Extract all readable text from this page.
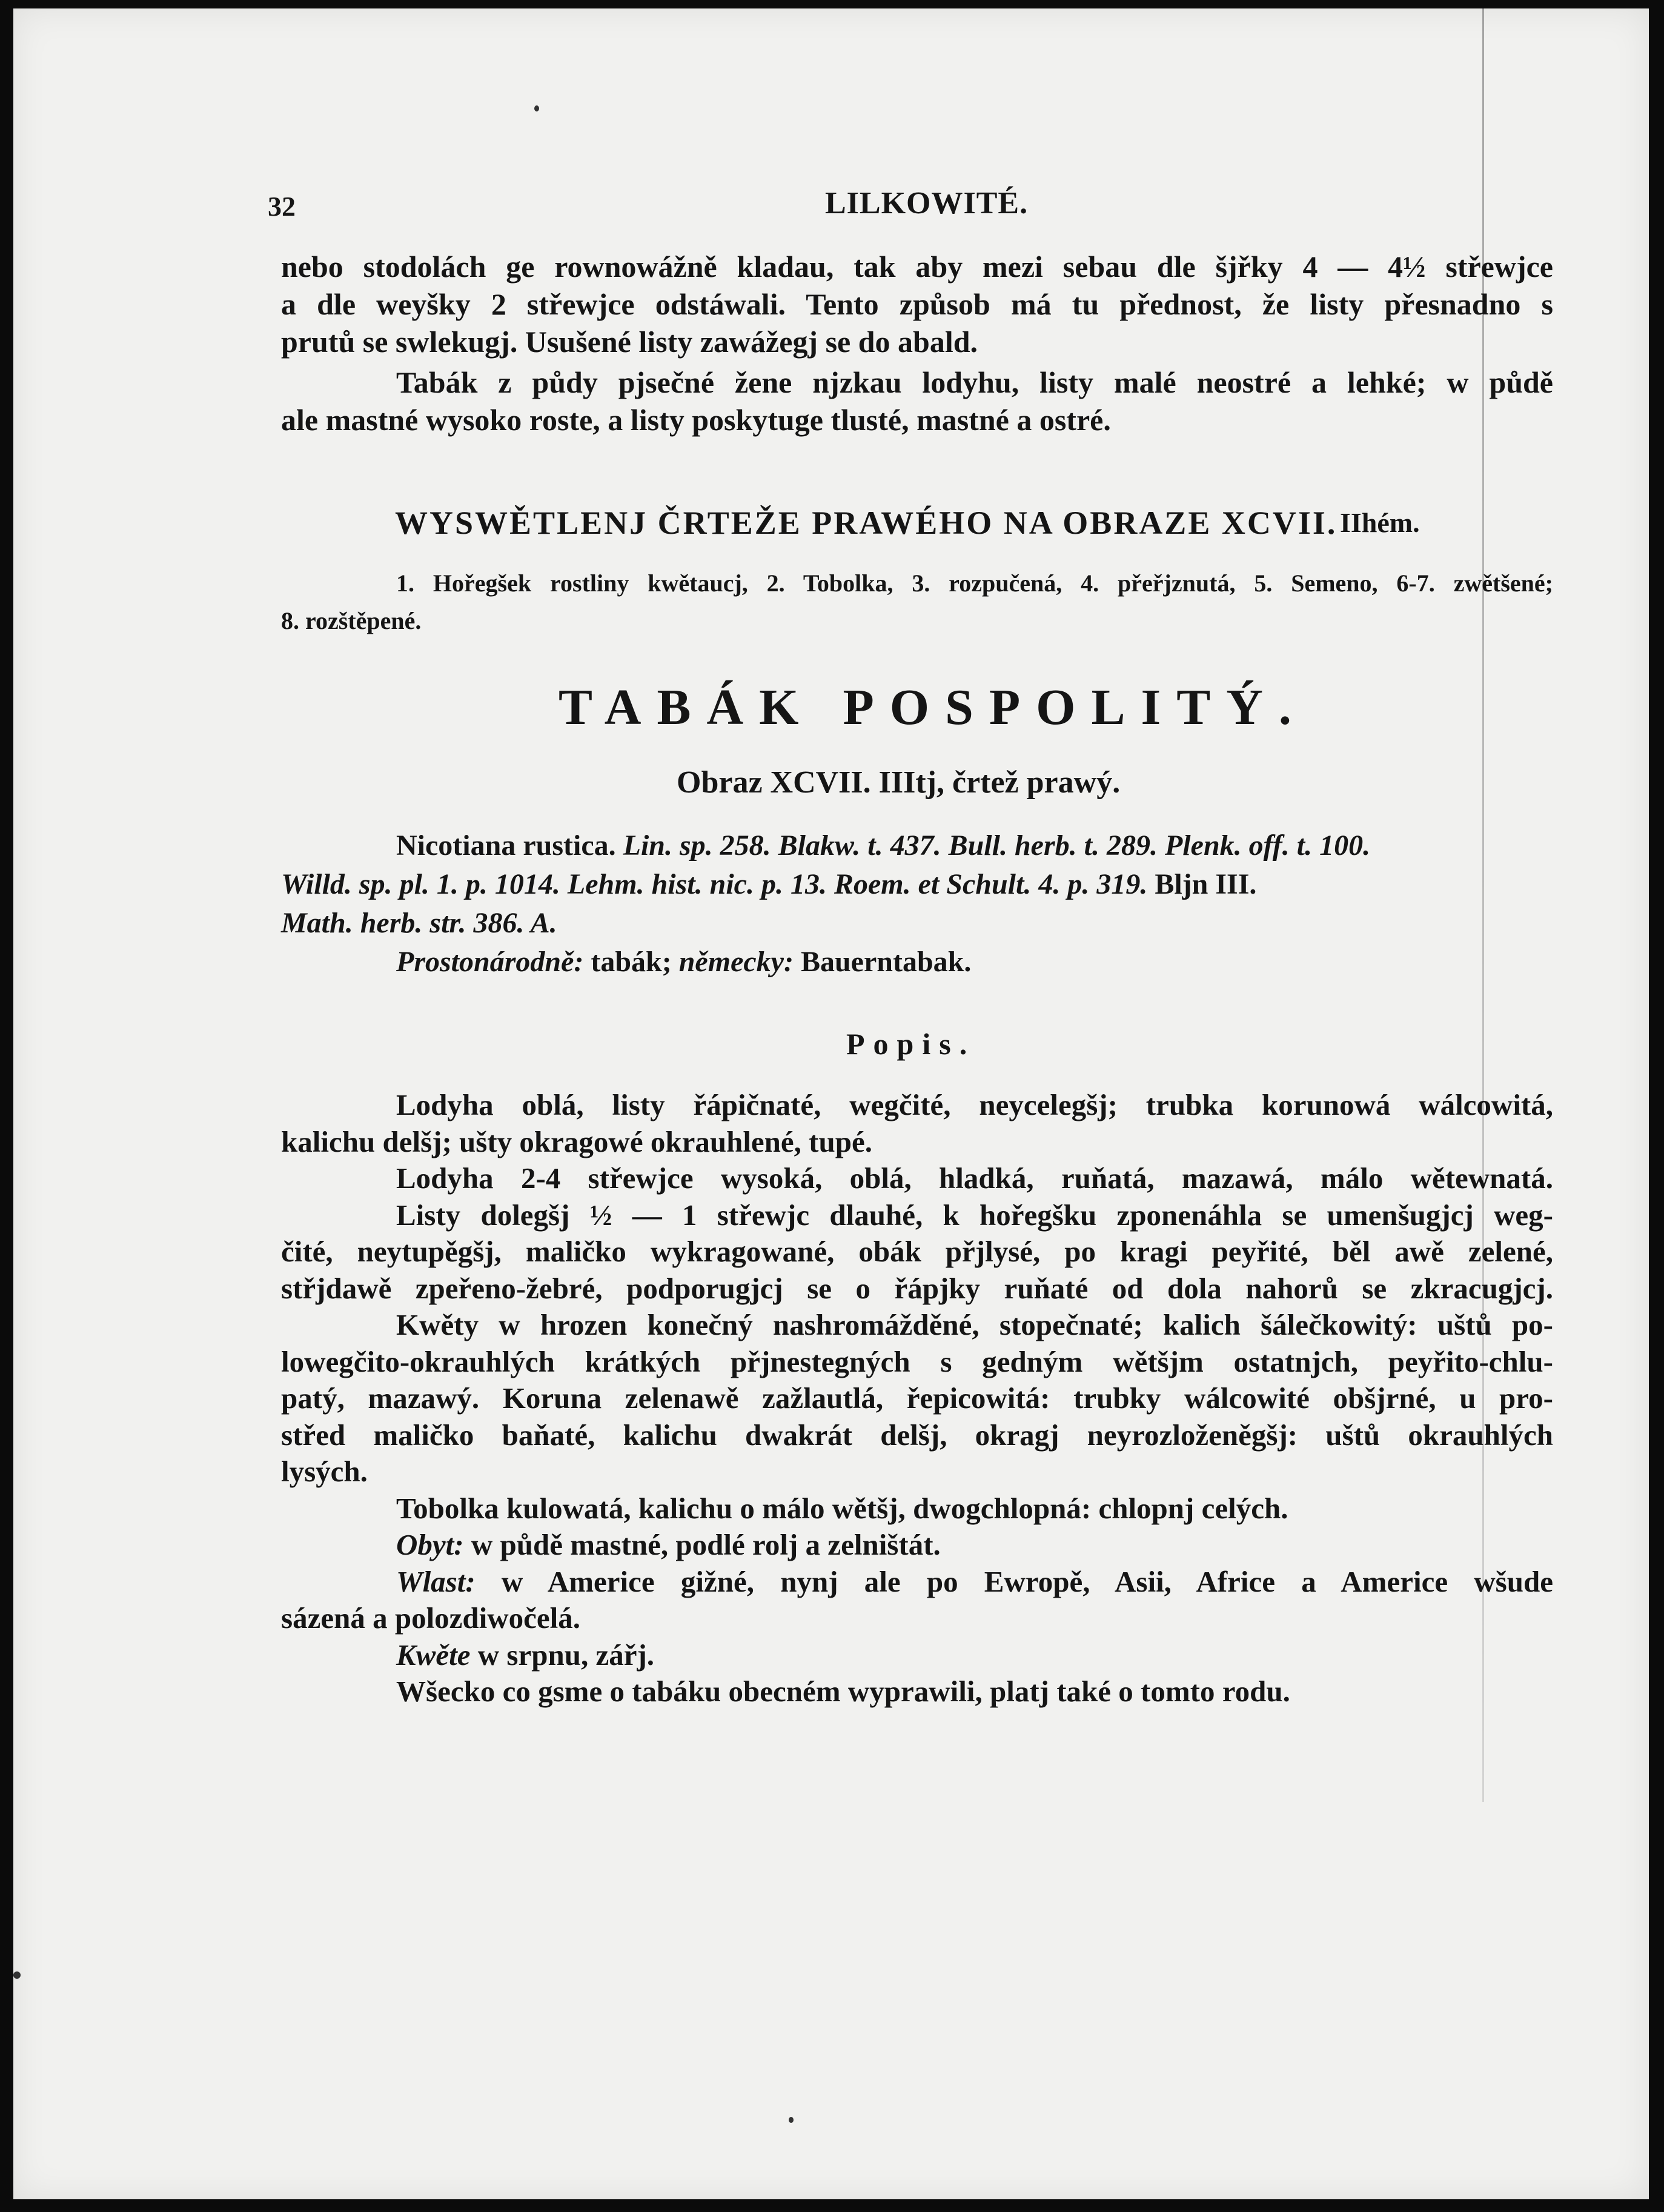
32	LILKOWITÉ.

nebo stodolách ge rownowážně kladau, tak aby mezi sebau dle šjřky 4 — 4½ střewjce

a dle weyšky 2 střewjce odstáwali. Tento způsob má tu přednost, že listy přesnadno s

prutů se swlekugj. Usušené listy zawážegj se do abald.

Tabák z půdy pjsečné žene njzkau lodyhu, listy malé neostré a lehké; w půdě

ale mastné wysoko roste, a listy poskytuge tlusté, mastné a ostré.

WYSWĚTLENJ ČRTEŽE PRAWÉHO NA OBRAZE XCVII. IIhém.

1. Hořegšek rostliny kwětaucj, 2. Tobolka, 3. rozpučená, 4. přeřjznutá, 5. Semeno, 6-7. zwětšené;

8. rozštěpené.

TABÁK POSPOLITÝ.
Obraz XCVII. IIItj, črtež prawý.

Nicotiana rustica. Lin. sp. 258. Blakw. t. 437. Bull. herb. t. 289. Plenk. off. t. 100.

Willd. sp. pl. 1. p. 1014. Lehm. hist. nic. p. 13. Roem. et Schult. 4. p. 319. Bljn III.

Math. herb. str. 386. A.

Prostonárodně: tabák; německy: Bauerntabak.

Popis.

Lodyha oblá, listy řápičnaté, wegčité, neycelegšj; trubka korunowá wálcowitá,

kalichu delšj; ušty okragowé okrauhlené, tupé.

Lodyha 2-4 střewjce wysoká, oblá, hladká, ruňatá, mazawá, málo wětewnatá.

Listy dolegšj ½ — 1 střewjc dlauhé, k hořegšku zponenáhla se umenšugjcj weg-

čité, neytupěgšj, maličko wykragowané, obák přjlysé, po kragi peyřité, běl awě zelené,

střjdawě zpeřeno-žebré, podporugjcj se o řápjky ruňaté od dola nahorů se zkracugjcj.

Kwěty w hrozen konečný nashromážděné, stopečnaté; kalich šálečkowitý: uštů po-

lowegčito-okrauhlých krátkých přjnestegných s gedným wětšjm ostatnjch, peyřito-chlu-

patý, mazawý. Koruna zelenawě zažlautlá, řepicowitá: trubky wálcowité obšjrné, u pro-

střed maličko baňaté, kalichu dwakrát delšj, okragj neyrozloženěgšj: uštů okrauhlých

lysých.

Tobolka kulowatá, kalichu o málo wětšj, dwogchlopná: chlopnj celých.

Obyt: w půdě mastné, podlé rolj a zelništát.

Wlast: w Americe gižné, nynj ale po Ewropě, Asii, Africe a Americe wšude

sázená a polozdiwočelá.

Kwěte w srpnu, zářj.

Wšecko co gsme o tabáku obecném wyprawili, platj také o tomto rodu.
